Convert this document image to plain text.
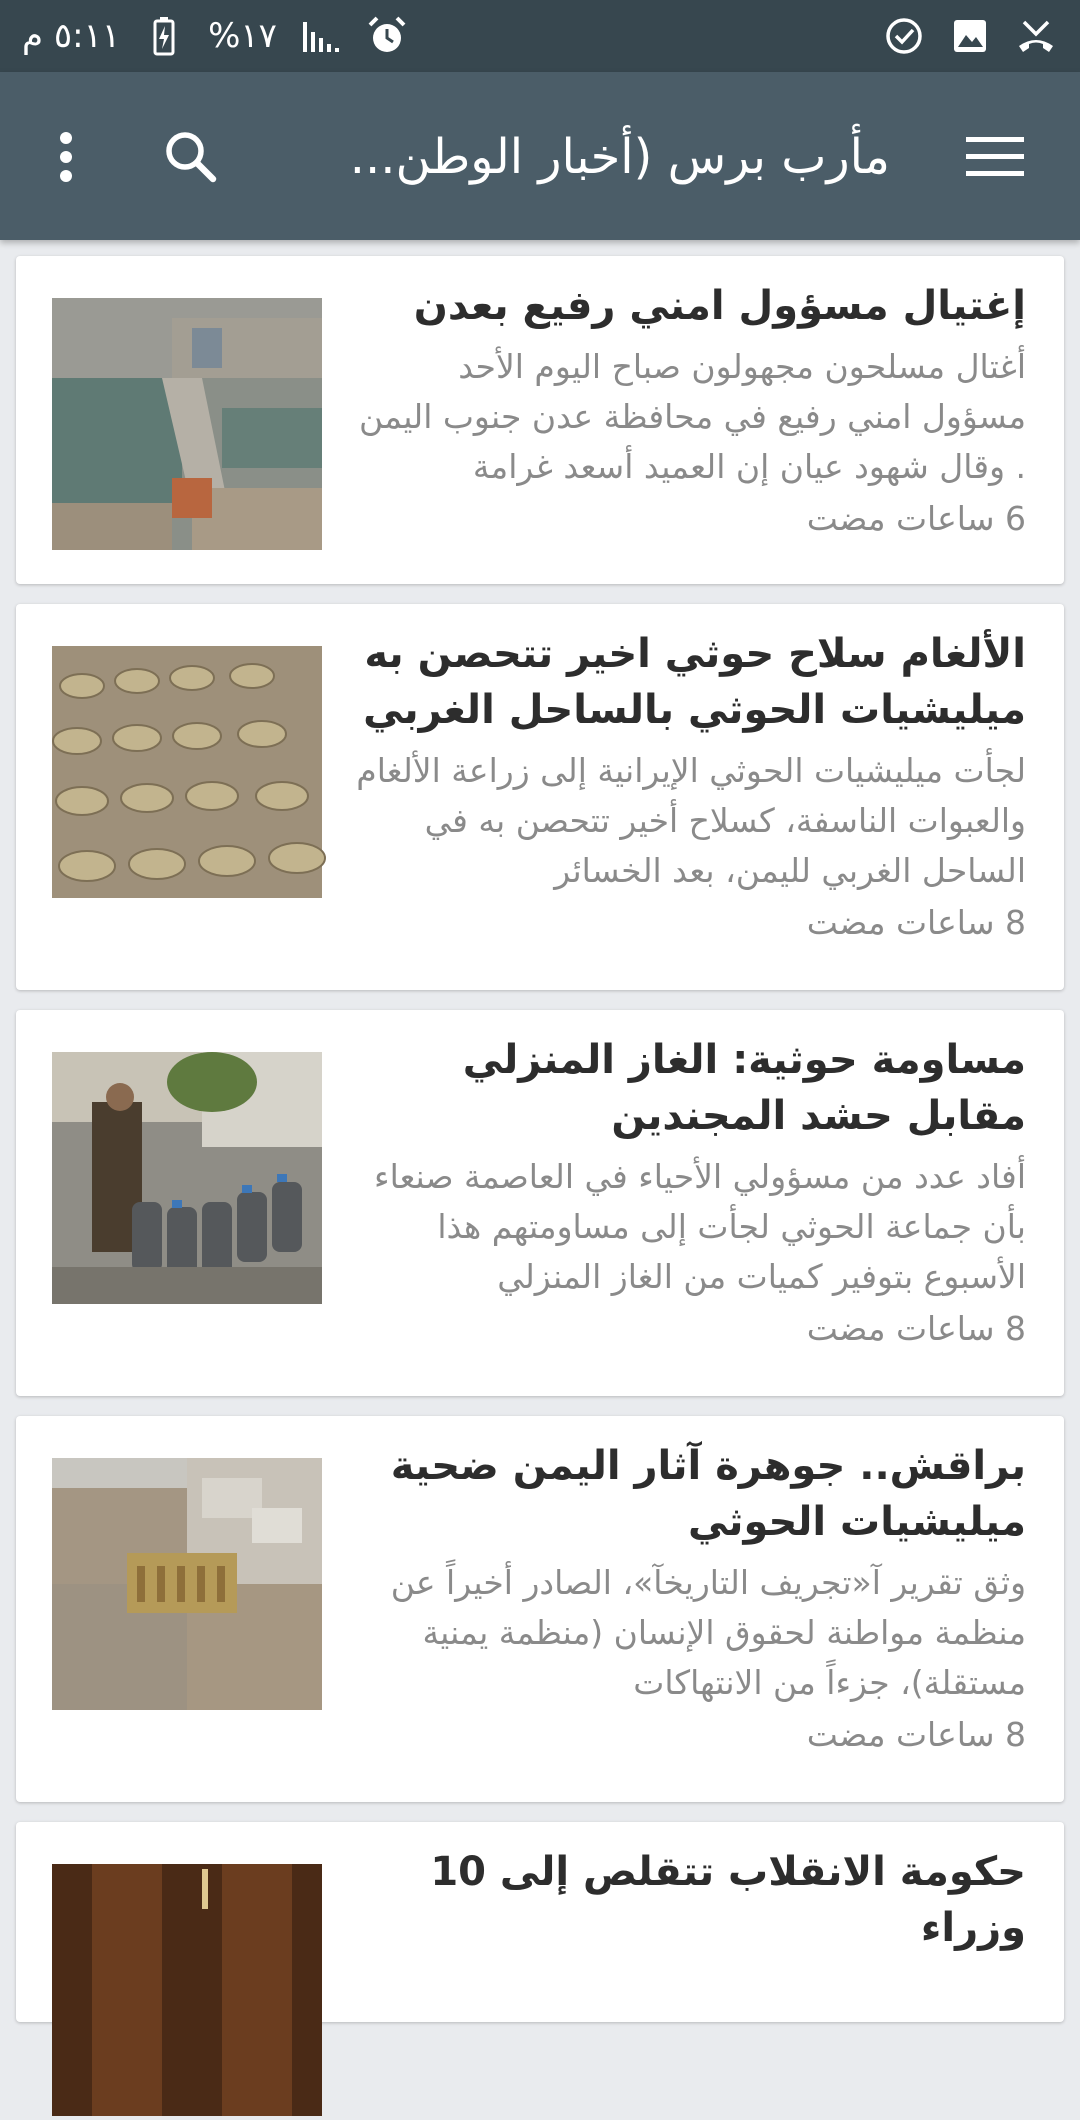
٥:١١ م	%١٧
مأرب برس (أخبار الوطن...
إغتيال مسؤول امني رفيع بعدن
أغتال مسلحون مجهولون صباح اليوم الأحد مسؤول امني رفيع في محافظة عدن جنوب اليمن . وقال شهود عيان إن العميد أسعد غرامة
6 ساعات مضت
الألغام سلاح حوثي اخير تتحصن به ميليشيات الحوثي بالساحل الغربي
لجأت ميليشيات الحوثي الإيرانية إلى زراعة الألغام والعبوات الناسفة، كسلاح أخير تتحصن به في الساحل الغربي لليمن، بعد الخسائر
8 ساعات مضت
مساومة حوثية: الغاز المنزلي مقابل حشد المجندين
أفاد عدد من مسؤولي الأحياء في العاصمة صنعاء بأن جماعة الحوثي لجأت إلى مساومتهم هذا الأسبوع بتوفير كميات من الغاز المنزلي
8 ساعات مضت
براقش.. جوهرة آثار اليمن ضحية ميليشيات الحوثي
وثق تقرير آ«تجريف التاريخآ»، الصادر أخيراً عن منظمة مواطنة لحقوق الإنسان (منظمة يمنية مستقلة)، جزءاً من الانتهاكات
8 ساعات مضت
حكومة الانقلاب تتقلص إلى 10 وزراء
